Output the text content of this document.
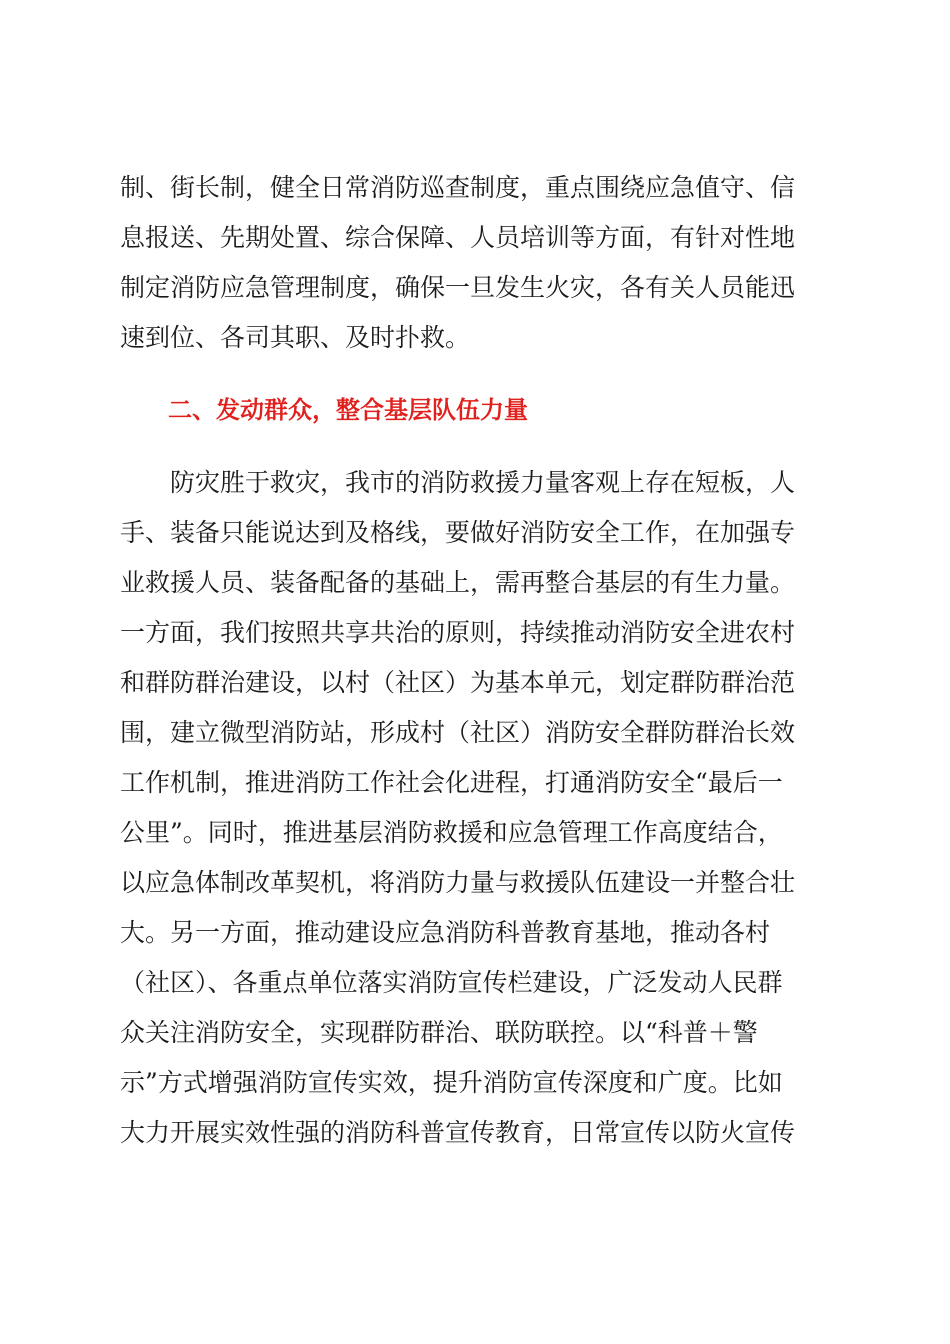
制、街长制，健全日常消防巡查制度，重点围绕应急值守、信
息报送、先期处置、综合保障、人员培训等方面，有针对性地
制定消防应急管理制度，确保一旦发生火灾，各有关人员能迅
速到位、各司其职、及时扑救。
二、发动群众，整合基层队伍力量
防灾胜于救灾，我市的消防救援力量客观上存在短板，人
手、装备只能说达到及格线，要做好消防安全工作，在加强专
业救援人员、装备配备的基础上，需再整合基层的有生力量。
一方面，我们按照共享共治的原则，持续推动消防安全进农村
和群防群治建设，以村（社区）为基本单元，划定群防群治范
围，建立微型消防站，形成村（社区）消防安全群防群治长效
工作机制，推进消防工作社会化进程，打通消防安全“最后一
公里”。同时，推进基层消防救援和应急管理工作高度结合，
以应急体制改革契机，将消防力量与救援队伍建设一并整合壮
大。另一方面，推动建设应急消防科普教育基地，推动各村
（社区）、各重点单位落实消防宣传栏建设，广泛发动人民群
众关注消防安全，实现群防群治、联防联控。以“科普＋警
示”方式增强消防宣传实效，提升消防宣传深度和广度。比如
大力开展实效性强的消防科普宣传教育，日常宣传以防火宣传
